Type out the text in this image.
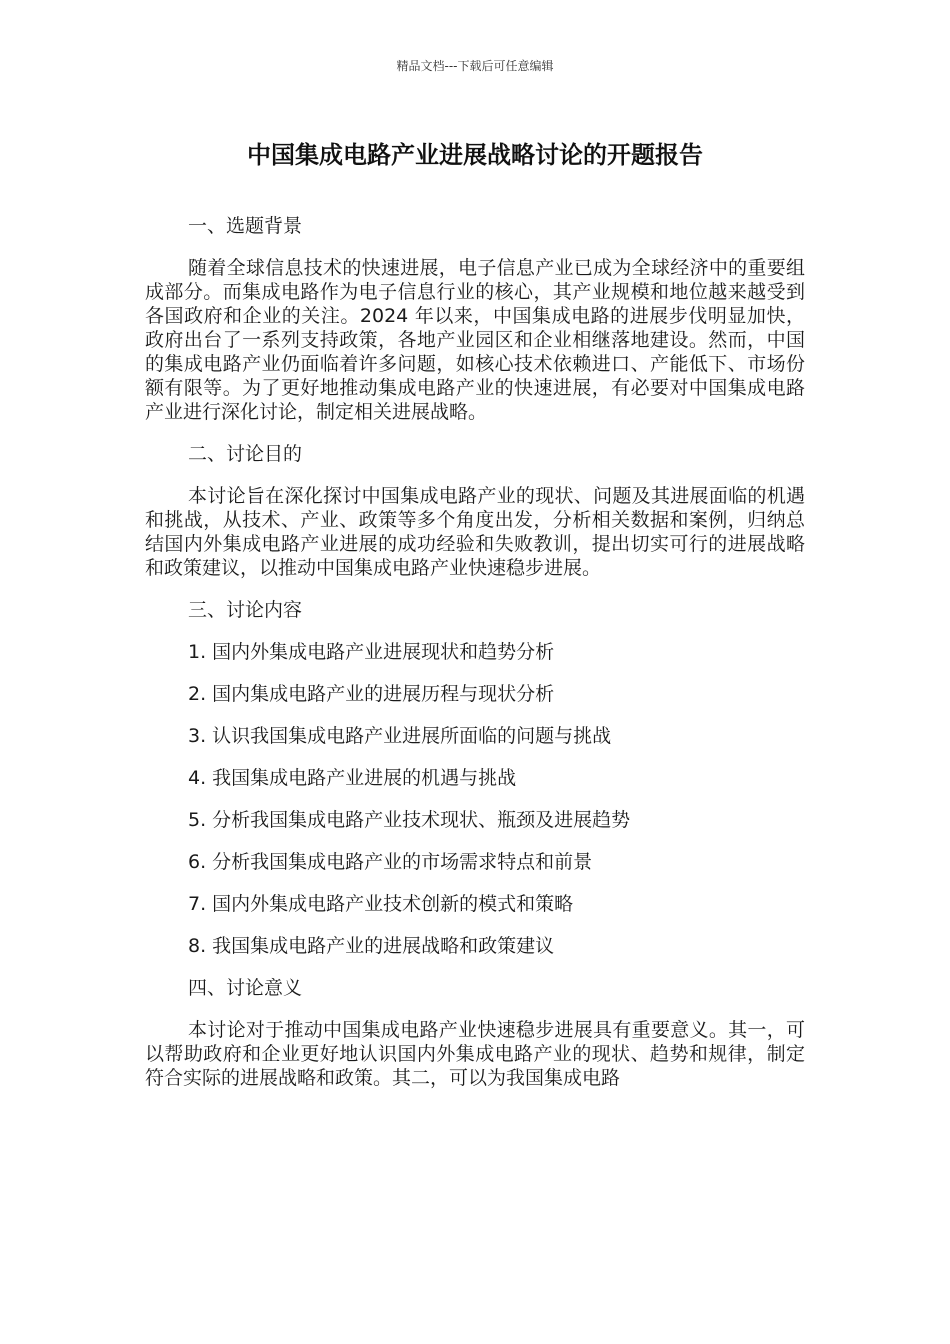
精品文档---下载后可任意编辑
中国集成电路产业进展战略讨论的开题报告
一、选题背景

随着全球信息技术的快速进展，电子信息产业已成为全球经济中的重要组成部分。而集成电路作为电子信息行业的核心，其产业规模和地位越来越受到各国政府和企业的关注。2024 年以来，中国集成电路的进展步伐明显加快，政府出台了一系列支持政策，各地产业园区和企业相继落地建设。然而，中国的集成电路产业仍面临着许多问题，如核心技术依赖进口、产能低下、市场份额有限等。为了更好地推动集成电路产业的快速进展，有必要对中国集成电路产业进行深化讨论，制定相关进展战略。

二、讨论目的

本讨论旨在深化探讨中国集成电路产业的现状、问题及其进展面临的机遇和挑战，从技术、产业、政策等多个角度出发，分析相关数据和案例，归纳总结国内外集成电路产业进展的成功经验和失败教训，提出切实可行的进展战略和政策建议，以推动中国集成电路产业快速稳步进展。

三、讨论内容
1. 国内外集成电路产业进展现状和趋势分析
2. 国内集成电路产业的进展历程与现状分析
3. 认识我国集成电路产业进展所面临的问题与挑战
4. 我国集成电路产业进展的机遇与挑战
5. 分析我国集成电路产业技术现状、瓶颈及进展趋势
6. 分析我国集成电路产业的市场需求特点和前景
7. 国内外集成电路产业技术创新的模式和策略
8. 我国集成电路产业的进展战略和政策建议
四、讨论意义

本讨论对于推动中国集成电路产业快速稳步进展具有重要意义。其一，可以帮助政府和企业更好地认识国内外集成电路产业的现状、趋势和规律，制定符合实际的进展战略和政策。其二，可以为我国集成电路
